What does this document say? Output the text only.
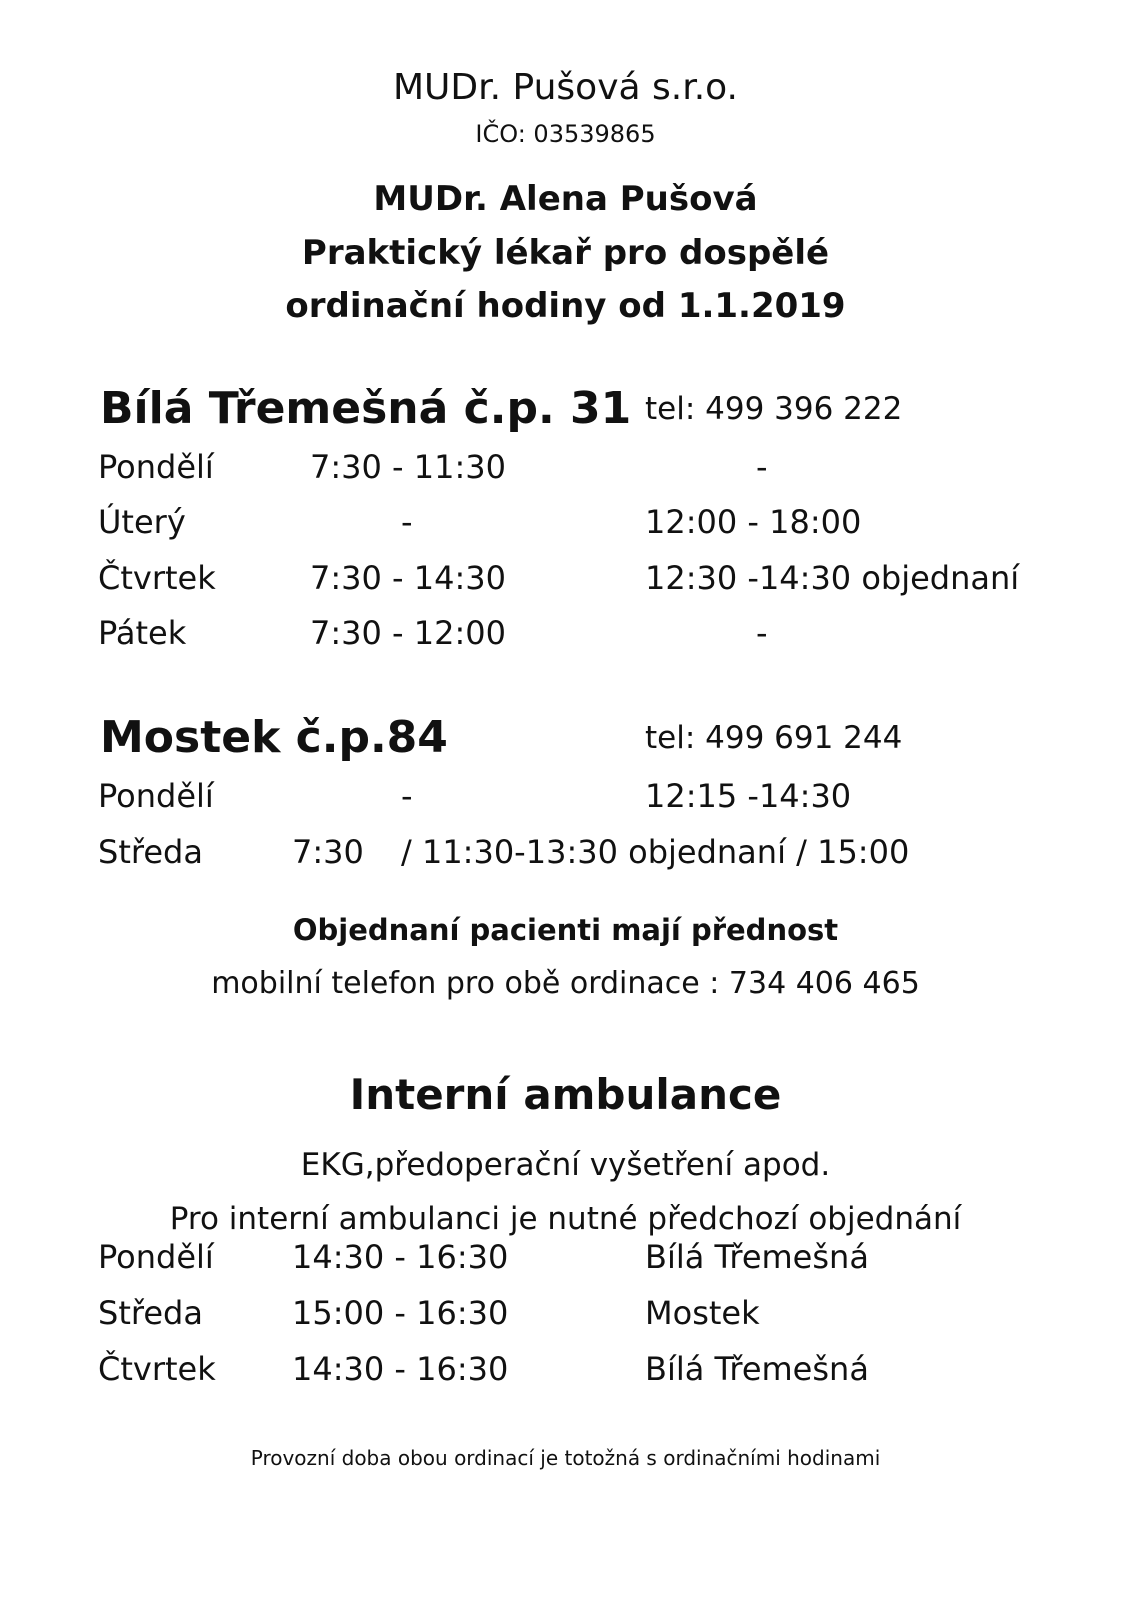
MUDr. Pušová s.r.o.
IČO: 03539865
MUDr. Alena Pušová
Praktický lékař pro dospělé
ordinační hodiny od 1.1.2019
Bílá Třemešná č.p. 31 tel: 499 396 222
Pondělí	7:30 - 11:30	-
Úterý	-	12:00 - 18:00
Čtvrtek	7:30 - 14:30	12:30 -14:30 objednaní
Pátek	7:30 - 12:00	-
Mostek č.p.84	tel: 499 691 244
Pondělí	-	12:15 -14:30
Středa	7:30 / 11:30-13:30 objednaní / 15:00
Objednaní pacienti mají přednost
mobilní telefon pro obě ordinace : 734 406 465
Interní ambulance
EKG,předoperační vyšetření apod.
Pro interní ambulanci je nutné předchozí objednání
Pondělí 14:30 - 16:30	Bílá Třemešná
Středa	15:00 - 16:30	Mostek
Čtvrtek 14:30 - 16:30	Bílá Třemešná
Provozní doba obou ordinací je totožná s ordinačními hodinami
